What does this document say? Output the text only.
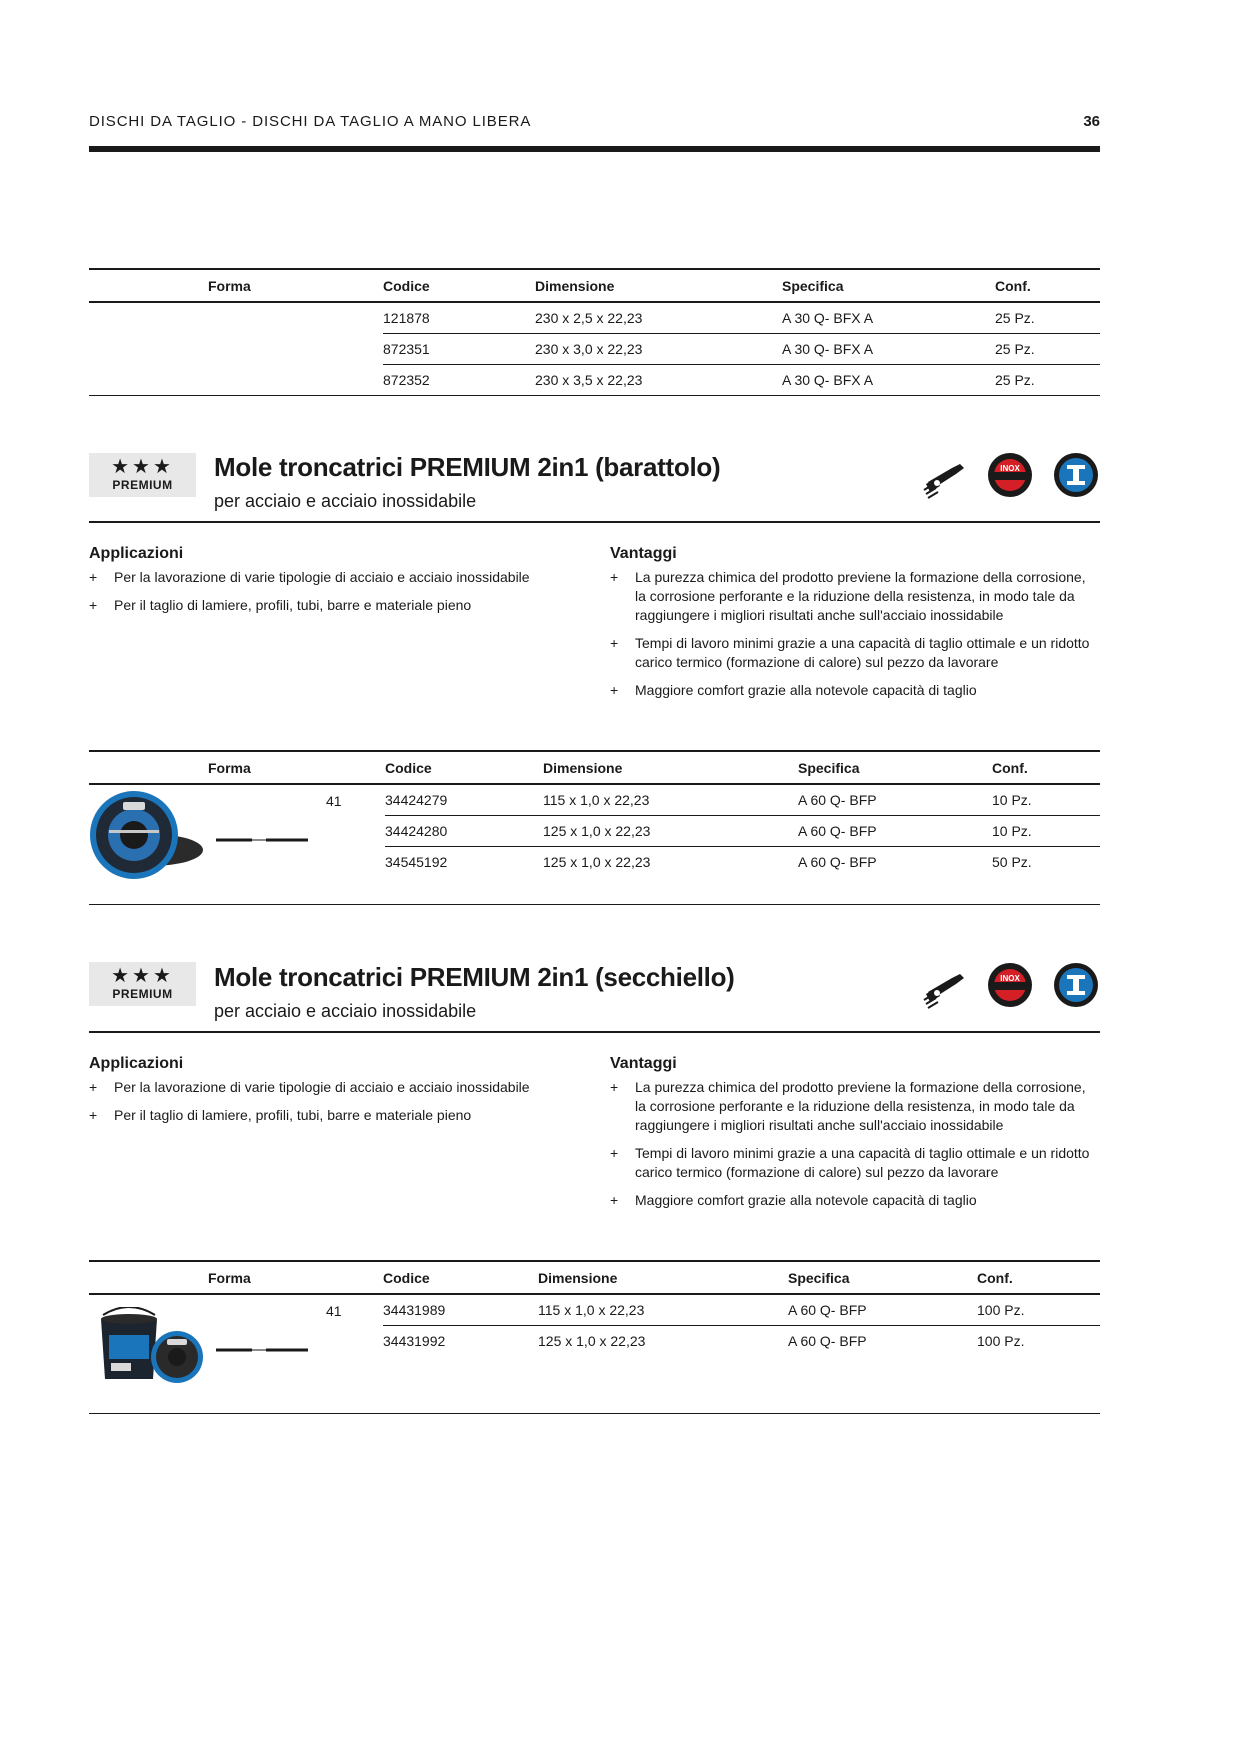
DISCHI DA TAGLIO - DISCHI DA TAGLIO A MANO LIBERA	36
Forma	Codice	Dimensione	Specifica	Conf.
	121878	230 x 2,5 x 22,23	A 30 Q- BFX A	25 Pz.
	872351	230 x 3,0 x 22,23	A 30 Q- BFX A	25 Pz.
	872352	230 x 3,5 x 22,23	A 30 Q- BFX A	25 Pz.
★★★
PREMIUM
Mole troncatrici PREMIUM 2in1 (barattolo)
per acciaio e acciaio inossidabile
INOX
Applicazioni
+ Per la lavorazione di varie tipologie di acciaio e acciaio inossidabile
+ Per il taglio di lamiere, profili, tubi, barre e materiale pieno
Vantaggi
+ La purezza chimica del prodotto previene la formazione della corrosione, la corrosione perforante e la riduzione della resistenza, in modo tale da raggiungere i migliori risultati anche sull'acciaio inossidabile
+ Tempi di lavoro minimi grazie a una capacità di taglio ottimale e un ridotto carico termico (formazione di calore) sul pezzo da lavorare
+ Maggiore comfort grazie alla notevole capacità di taglio
Forma	Codice	Dimensione	Specifica	Conf.

41	34424279	115 x 1,0 x 22,23	A 60 Q- BFP	10 Pz.
	34424280	125 x 1,0 x 22,23	A 60 Q- BFP	10 Pz.
	34545192	125 x 1,0 x 22,23	A 60 Q- BFP	50 Pz.

★★★
PREMIUM
Mole troncatrici PREMIUM 2in1 (secchiello)
per acciaio e acciaio inossidabile
INOX
Applicazioni
+ Per la lavorazione di varie tipologie di acciaio e acciaio inossidabile
+ Per il taglio di lamiere, profili, tubi, barre e materiale pieno
Vantaggi
+ La purezza chimica del prodotto previene la formazione della corrosione, la corrosione perforante e la riduzione della resistenza, in modo tale da raggiungere i migliori risultati anche sull'acciaio inossidabile
+ Tempi di lavoro minimi grazie a una capacità di taglio ottimale e un ridotto carico termico (formazione di calore) sul pezzo da lavorare
+ Maggiore comfort grazie alla notevole capacità di taglio
Forma	Codice	Dimensione	Specifica	Conf.

41	34431989	115 x 1,0 x 22,23	A 60 Q- BFP	100 Pz.
	34431992	125 x 1,0 x 22,23	A 60 Q- BFP	100 Pz.
